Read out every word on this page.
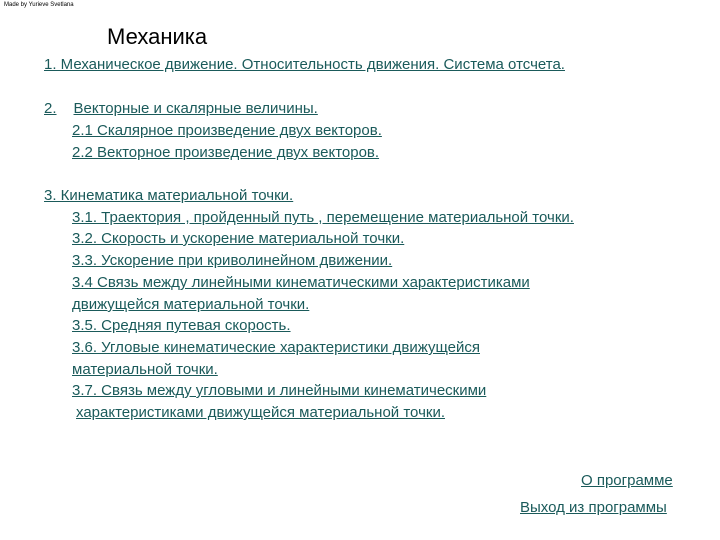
Made by Yurieve Svetlana
Механика
1. Механическое движение. Относительность движения. Система отсчета.
2. Векторные и скалярные величины.
2.1 Скалярное произведение двух векторов.
2.2 Векторное произведение двух векторов.
3. Кинематика материальной точки.
3.1. Траектория , пройденный путь , перемещение материальной точки.
3.2. Скорость и ускорение материальной точки.
3.3. Ускорение при криволинейном движении.
3.4 Связь между линейными кинематическими характеристиками
движущейся материальной точки.
3.5. Средняя путевая скорость.
3.6. Угловые кинематические характеристики движущейся
материальной точки.
3.7. Связь между угловыми и линейными кинематическими
характеристиками движущейся материальной точки.
О программе
Выход из программы
